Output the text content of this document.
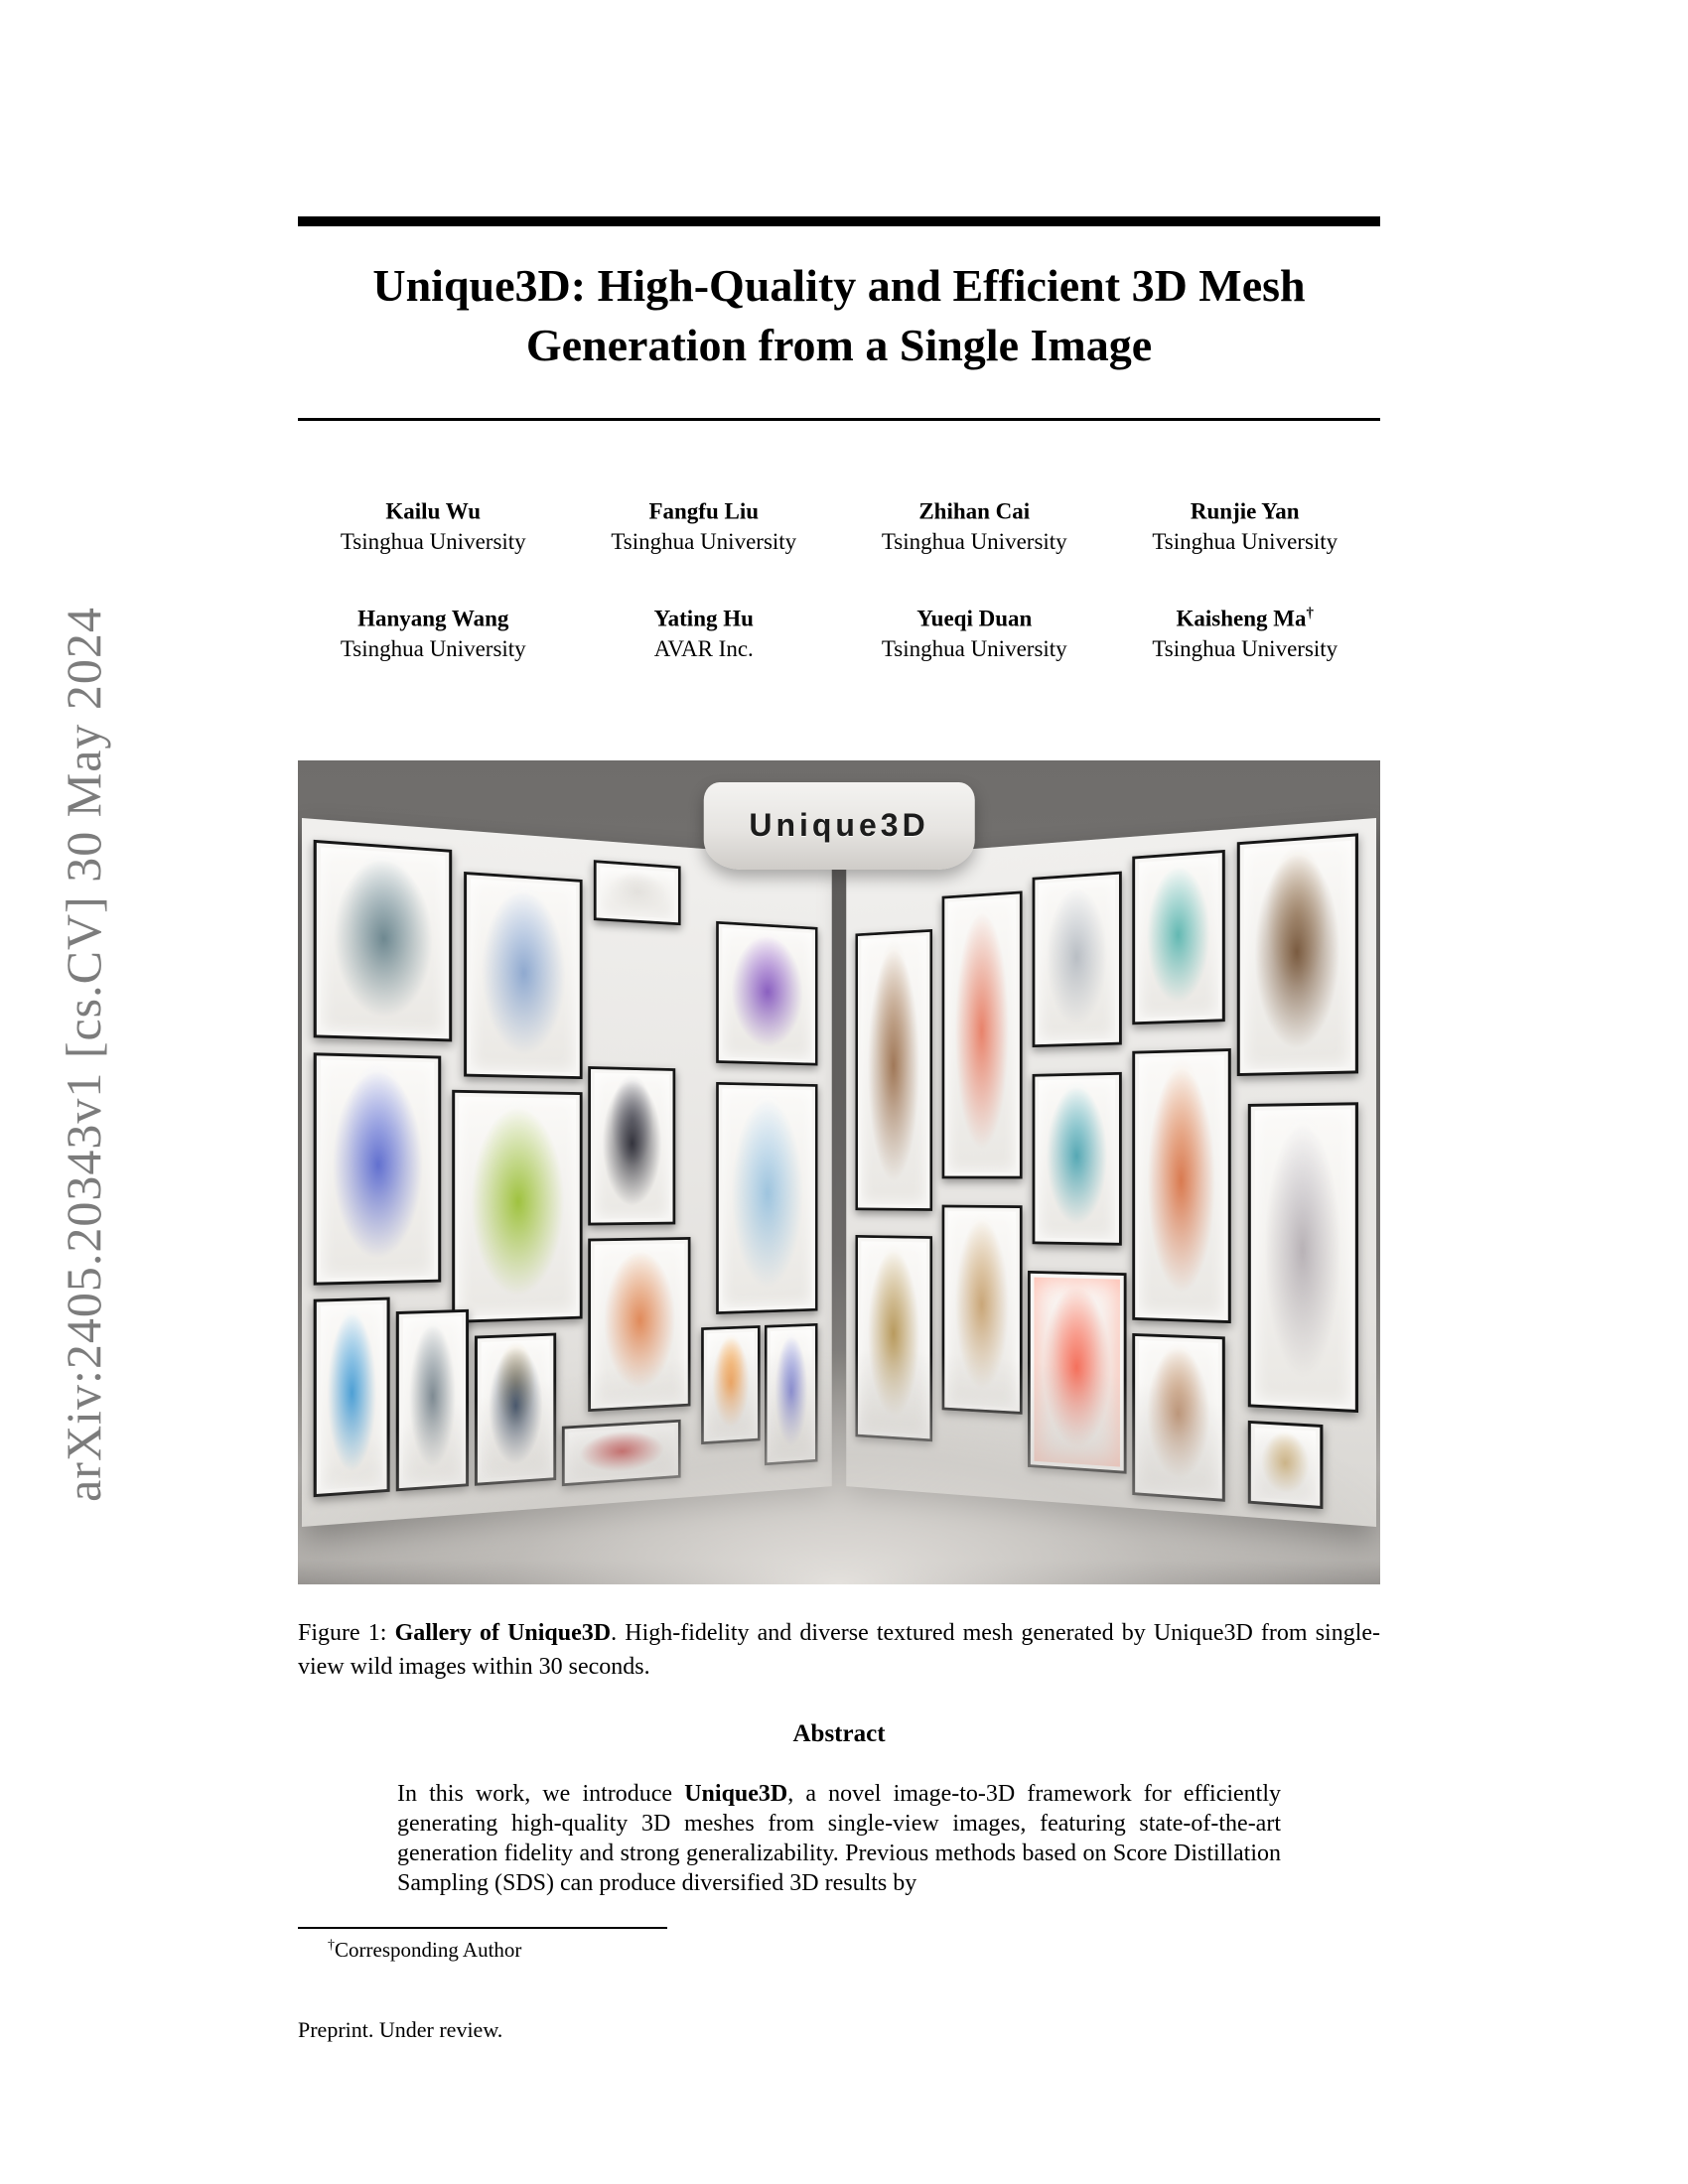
arXiv:2405.20343v1 [cs.CV] 30 May 2024
Unique3D: High-Quality and Efficient 3D Mesh
Generation from a Single Image
Kailu Wu
Tsinghua University
Fangfu Liu
Tsinghua University
Zhihan Cai
Tsinghua University
Runjie Yan
Tsinghua University
Hanyang Wang
Tsinghua University
Yating Hu
AVAR Inc.
Yueqi Duan
Tsinghua University
Kaisheng Ma†
Tsinghua University
Unique3D
Figure 1: Gallery of Unique3D. High-fidelity and diverse textured mesh generated by Unique3D from single-view wild images within 30 seconds.
Abstract
In this work, we introduce Unique3D, a novel image-to-3D framework for efficiently generating high-quality 3D meshes from single-view images, featuring state-of-the-art generation fidelity and strong generalizability. Previous methods based on Score Distillation Sampling (SDS) can produce diversified 3D results by
†Corresponding Author
Preprint. Under review.
